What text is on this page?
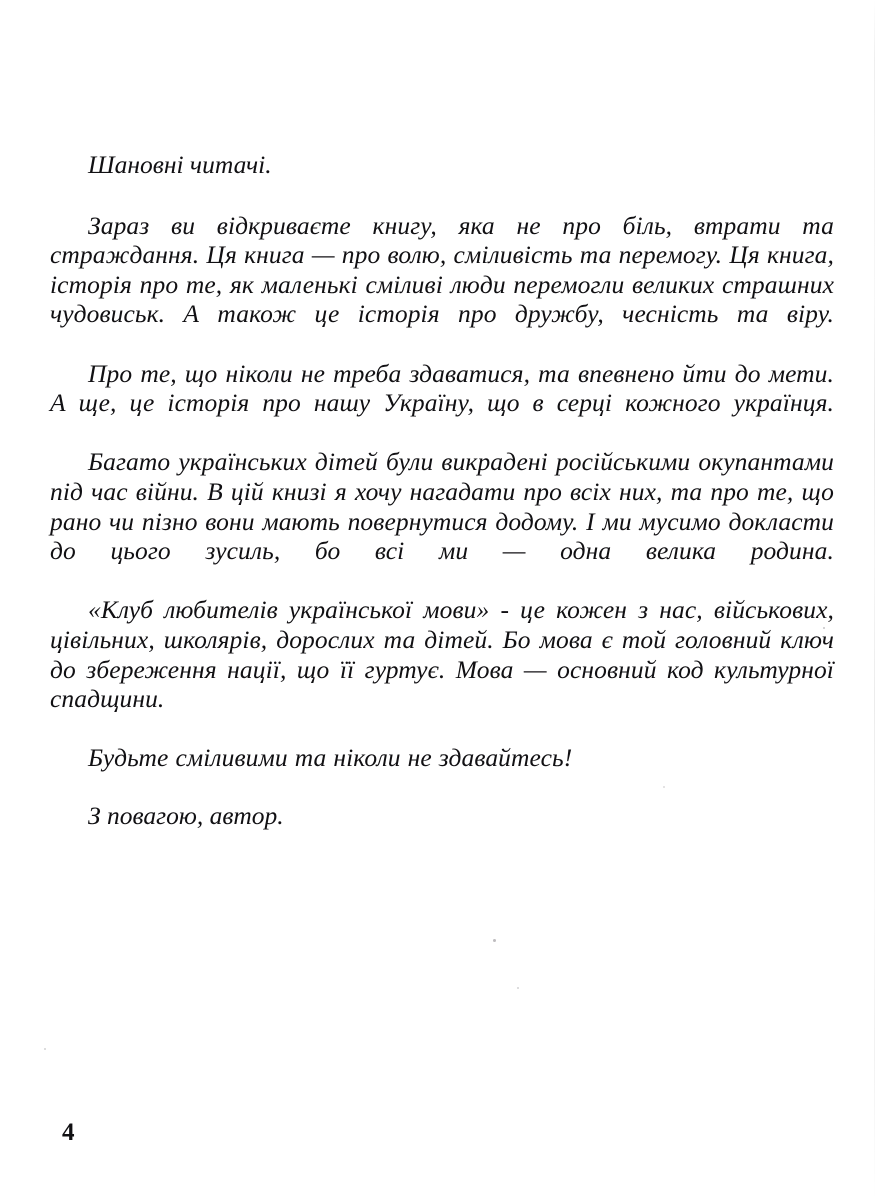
Шановні читачі.

Зараз ви відкриваєте книгу, яка не про біль, втрати та страждання. Ця книга — про волю, сміливість та перемогу. Ця книга, історія про те, як маленькі сміливі люди перемогли великих страшних чудовиськ. А також це історія про дружбу, чесність та віру.

Про те, що ніколи не треба здаватися, та впевнено йти до мети. А ще, це історія про нашу Україну, що в серці кожного українця.

Багато українських дітей були викрадені російськими окупантами під час війни. В цій книзі я хочу нагадати про всіх них, та про те, що рано чи пізно вони мають повернутися додому. І ми мусимо докласти до цього зусиль, бо всі ми — одна велика родина.

«Клуб любителів української мови» - це кожен з нас, військових, цівільних, школярів, дорослих та дітей. Бо мова є той головний ключ до збереження нації, що її гуртує. Мова — основний код культурної спадщини.

Будьте сміливими та ніколи не здавайтесь!

З повагою, автор.

4
